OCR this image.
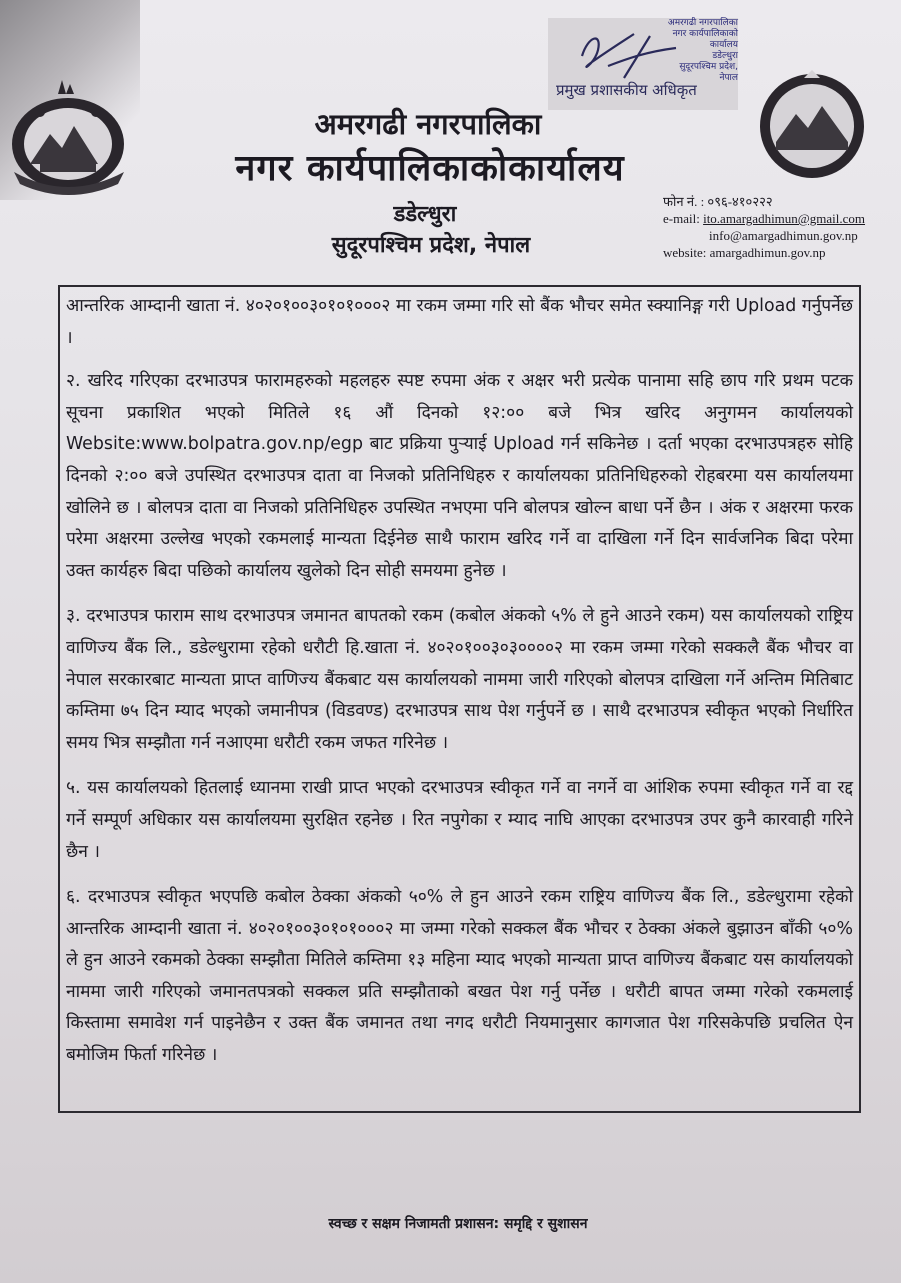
अमरगढी नगरपालिका
नगर कार्यपालिकाकोकार्यालय
डडेल्धुरा
सुदूरपश्चिम प्रदेश, नेपाल
अमरगढी नगरपालिका
नगर कार्यपालिकाको कार्यालय
डडेल्धुरा
सुदूरपश्चिम प्रदेश, नेपाल
प्रमुख प्रशासकीय अधिकृत
फोन नं. : ०९६-४१०२२२
e-mail: ito.amargadhimun@gmail.com
info@amargadhimun.gov.np
website: amargadhimun.gov.np

आन्तरिक आम्दानी खाता नं. ४०२०१००३०१०१०००२ मा रकम जम्मा गरि सो बैंक भौचर समेत स्क्यानिङ्ग गरी Upload गर्नुपर्नेछ ।

२. खरिद गरिएका दरभाउपत्र फारामहरुको महलहरु स्पष्ट रुपमा अंक र अक्षर भरी प्रत्येक पानामा सहि छाप गरि प्रथम पटक सूचना प्रकाशित भएको मितिले १६ औं दिनको १२:०० बजे भित्र खरिद अनुगमन कार्यालयको Website:www.bolpatra.gov.np/egp बाट प्रक्रिया पुऱ्याई Upload गर्न सकिनेछ । दर्ता भएका दरभाउपत्रहरु सोहि दिनको २:०० बजे उपस्थित दरभाउपत्र दाता वा निजको प्रतिनिधिहरु र कार्यालयका प्रतिनिधिहरुको रोहबरमा यस कार्यालयमा खोलिने छ । बोलपत्र दाता वा निजको प्रतिनिधिहरु उपस्थित नभएमा पनि बोलपत्र खोल्न बाधा पर्ने छैन । अंक र अक्षरमा फरक परेमा अक्षरमा उल्लेख भएको रकमलाई मान्यता दिईनेछ साथै फाराम खरिद गर्ने वा दाखिला गर्ने दिन सार्वजनिक बिदा परेमा उक्त कार्यहरु बिदा पछिको कार्यालय खुलेको दिन सोही समयमा हुनेछ ।

३. दरभाउपत्र फाराम साथ दरभाउपत्र जमानत बापतको रकम (कबोल अंकको ५% ले हुने आउने रकम) यस कार्यालयको राष्ट्रिय वाणिज्य बैंक लि., डडेल्धुरामा रहेको धरौटी हि.खाता नं. ४०२०१००३०३००००२ मा रकम जम्मा गरेको सक्कलै बैंक भौचर वा नेपाल सरकारबाट मान्यता प्राप्त वाणिज्य बैंकबाट यस कार्यालयको नाममा जारी गरिएको बोलपत्र दाखिला गर्ने अन्तिम मितिबाट कम्तिमा ७५ दिन म्याद भएको जमानीपत्र (विडवण्ड) दरभाउपत्र साथ पेश गर्नुपर्ने छ । साथै दरभाउपत्र स्वीकृत भएको निर्धारित समय भित्र सम्झौता गर्न नआएमा धरौटी रकम जफत गरिनेछ ।

५. यस कार्यालयको हितलाई ध्यानमा राखी प्राप्त भएको दरभाउपत्र स्वीकृत गर्ने वा नगर्ने वा आंशिक रुपमा स्वीकृत गर्ने वा रद्द गर्ने सम्पूर्ण अधिकार यस कार्यालयमा सुरक्षित रहनेछ । रित नपुगेका र म्याद नाघि आएका दरभाउपत्र उपर कुनै कारवाही गरिने छैन ।

६. दरभाउपत्र स्वीकृत भएपछि कबोल ठेक्का अंकको ५०% ले हुन आउने रकम राष्ट्रिय वाणिज्य बैंक लि., डडेल्धुरामा रहेको आन्तरिक आम्दानी खाता नं. ४०२०१००३०१०१०००२ मा जम्मा गरेको सक्कल बैंक भौचर र ठेक्का अंकले बुझाउन बाँकी ५०% ले हुन आउने रकमको ठेक्का सम्झौता मितिले कम्तिमा १३ महिना म्याद भएको मान्यता प्राप्त वाणिज्य बैंकबाट यस कार्यालयको नाममा जारी गरिएको जमानतपत्रको सक्कल प्रति सम्झौताको बखत पेश गर्नु पर्नेछ । धरौटी बापत जम्मा गरेको रकमलाई किस्तामा समावेश गर्न पाइनेछैन र उक्त बैंक जमानत तथा नगद धरौटी नियमानुसार कागजात पेश गरिसकेपछि प्रचलित ऐन बमोजिम फिर्ता गरिनेछ ।

स्वच्छ र सक्षम निजामती प्रशासन: समृद्दि र सुशासन
